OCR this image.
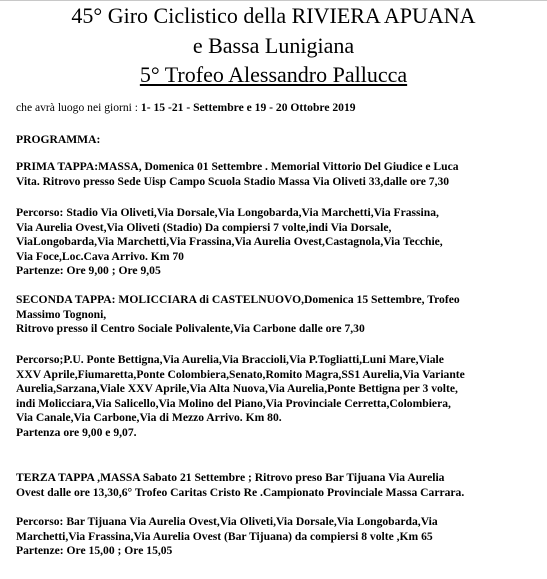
45° Giro Ciclistico della RIVIERA APUANA
e Bassa Lunigiana
5° Trofeo Alessandro Pallucca
che avrà luogo nei giorni : 1- 15 -21 - Settembre e 19 - 20 Ottobre 2019
PROGRAMMA:
PRIMA TAPPA:MASSA, Domenica 01 Settembre . Memorial Vittorio Del Giudice e Luca
Vita. Ritrovo presso Sede Uisp Campo Scuola Stadio Massa Via Oliveti 33,dalle ore 7,30
Percorso: Stadio Via Oliveti,Via Dorsale,Via Longobarda,Via Marchetti,Via Frassina,
Via Aurelia Ovest,Via Oliveti (Stadio) Da compiersi 7 volte,indi Via Dorsale,
ViaLongobarda,Via Marchetti,Via Frassina,Via Aurelia Ovest,Castagnola,Via Tecchie,
Via Foce,Loc.Cava Arrivo. Km 70
Partenze: Ore 9,00 ; Ore 9,05
SECONDA TAPPA: MOLICCIARA di CASTELNUOVO,Domenica 15 Settembre, Trofeo
Massimo Tognoni,
Ritrovo presso il Centro Sociale Polivalente,Via Carbone dalle ore 7,30
Percorso;P.U. Ponte Bettigna,Via Aurelia,Via Braccioli,Via P.Togliatti,Luni Mare,Viale
XXV Aprile,Fiumaretta,Ponte Colombiera,Senato,Romito Magra,SS1 Aurelia,Via Variante
Aurelia,Sarzana,Viale XXV Aprile,Via Alta Nuova,Via Aurelia,Ponte Bettigna per 3 volte,
indi Molicciara,Via Salicello,Via Molino del Piano,Via Provinciale Cerretta,Colombiera,
Via Canale,Via Carbone,Via di Mezzo Arrivo. Km 80.
Partenza ore 9,00 e 9,07.
TERZA TAPPA ,MASSA Sabato 21 Settembre ; Ritrovo preso Bar Tijuana Via Aurelia
Ovest dalle ore 13,30,6° Trofeo Caritas Cristo Re .Campionato Provinciale Massa Carrara.
Percorso: Bar Tijuana Via Aurelia Ovest,Via Oliveti,Via Dorsale,Via Longobarda,Via
Marchetti,Via Frassina,Via Aurelia Ovest (Bar Tijuana) da compiersi 8 volte ,Km 65
Partenze: Ore 15,00 ; Ore 15,05
